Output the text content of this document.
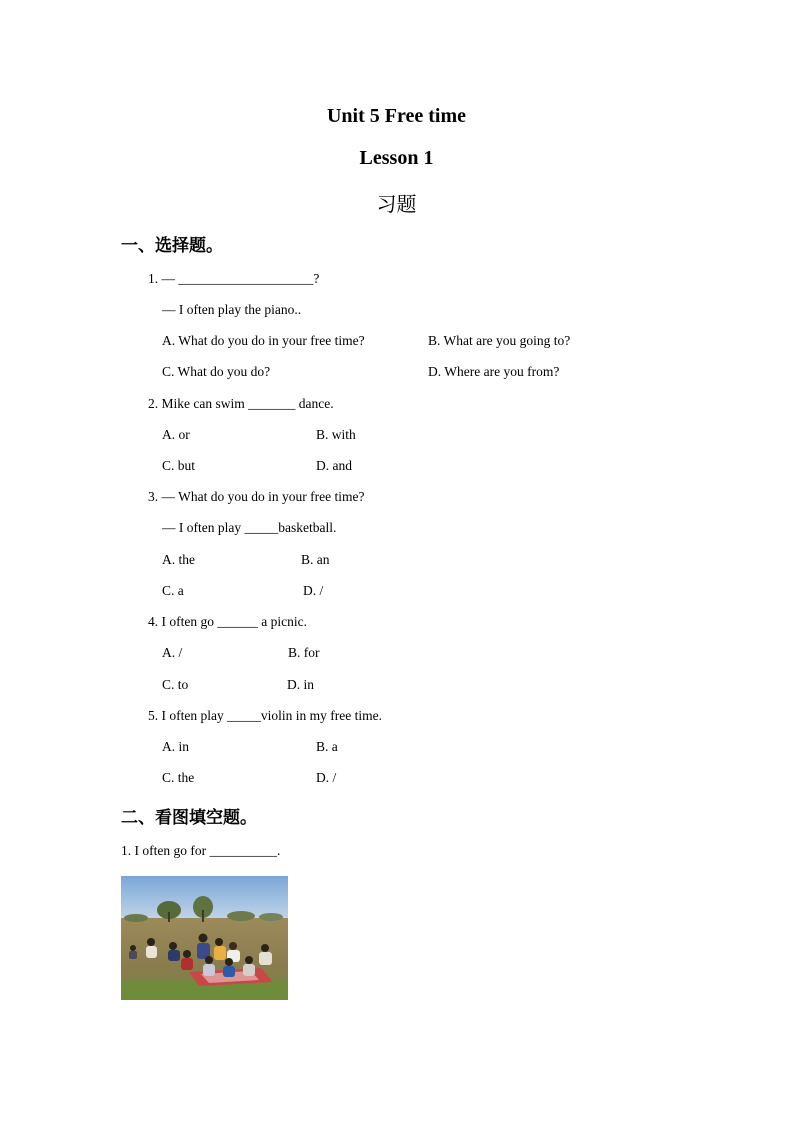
Unit 5 Free time
Lesson 1
习题
一、选择题。
1. — ____________________?
— I often play the piano..
A. What do you do in your free time?	B. What are you going to?
C. What do you do?	D. Where are you from?
2. Mike can swim _______ dance.
A. or	B. with
C. but	D. and
3. — What do you do in your free time?
— I often play _____basketball.
A. the	B. an
C. a	D. /
4. I often go ______ a picnic.
A. /	B. for
C. to	D. in
5. I often play _____violin in my free time.
A. in	B. a
C. the	D. /
二、看图填空题。
1. I often go for __________.
